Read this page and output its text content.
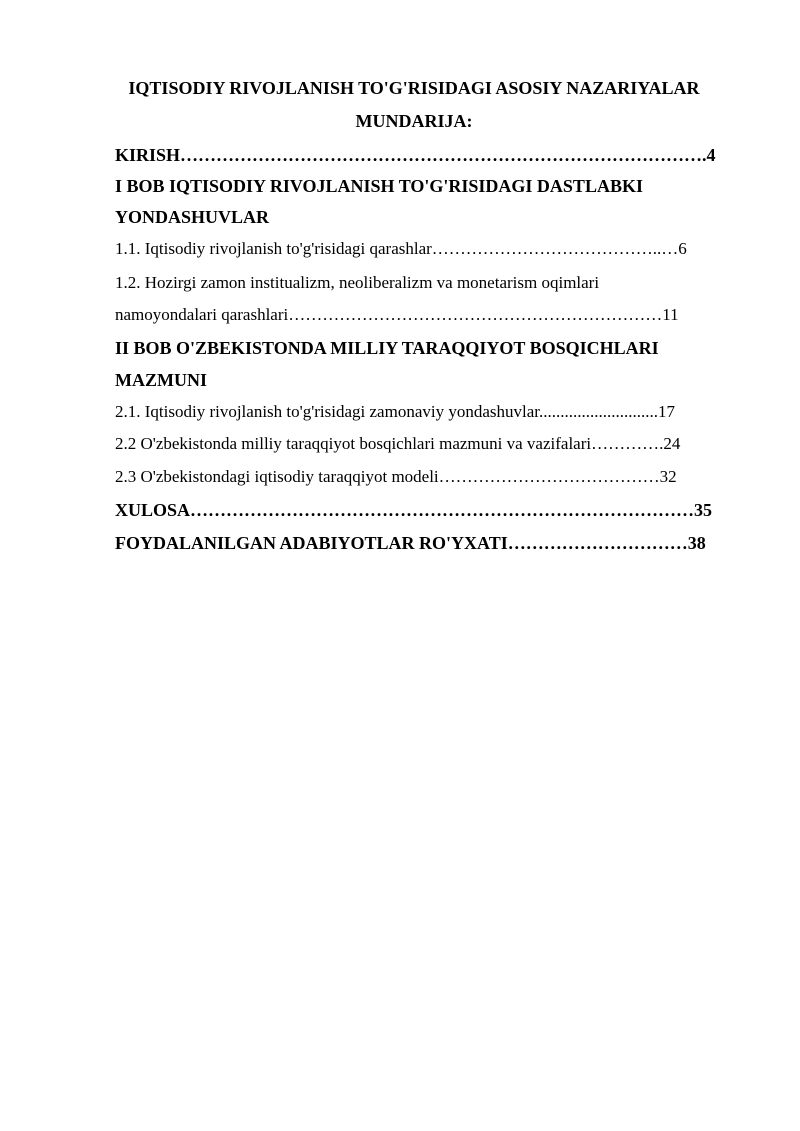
IQTISODIY RIVOJLANISH TO'G'RISIDAGI ASOSIY NAZARIYALAR
MUNDARIJA:
KIRISH…………………………………………………………………………….4
I BOB IQTISODIY RIVOJLANISH TO'G'RISIDAGI DASTLABKI
YONDASHUVLAR
1.1. Iqtisodiy rivojlanish to'g'risidagi qarashlar…………………………………..…6
1.2. Hozirgi zamon institualizm, neoliberalizm va monetarism oqimlari
namoyondalari qarashlari…………………………………………………………11
II BOB O'ZBEKISTONDA MILLIY TARAQQIYOT BOSQICHLARI
MAZMUNI
2.1. Iqtisodiy rivojlanish to'g'risidagi zamonaviy yondashuvlar............................17
2.2 O'zbekistonda milliy taraqqiyot bosqichlari mazmuni va vazifalari………….24
2.3 O'zbekistondagi iqtisodiy taraqqiyot modeli…………………………………32
XULOSA…………………………………………………………………………35
FOYDALANILGAN ADABIYOTLAR RO'YXATI…………………………38
